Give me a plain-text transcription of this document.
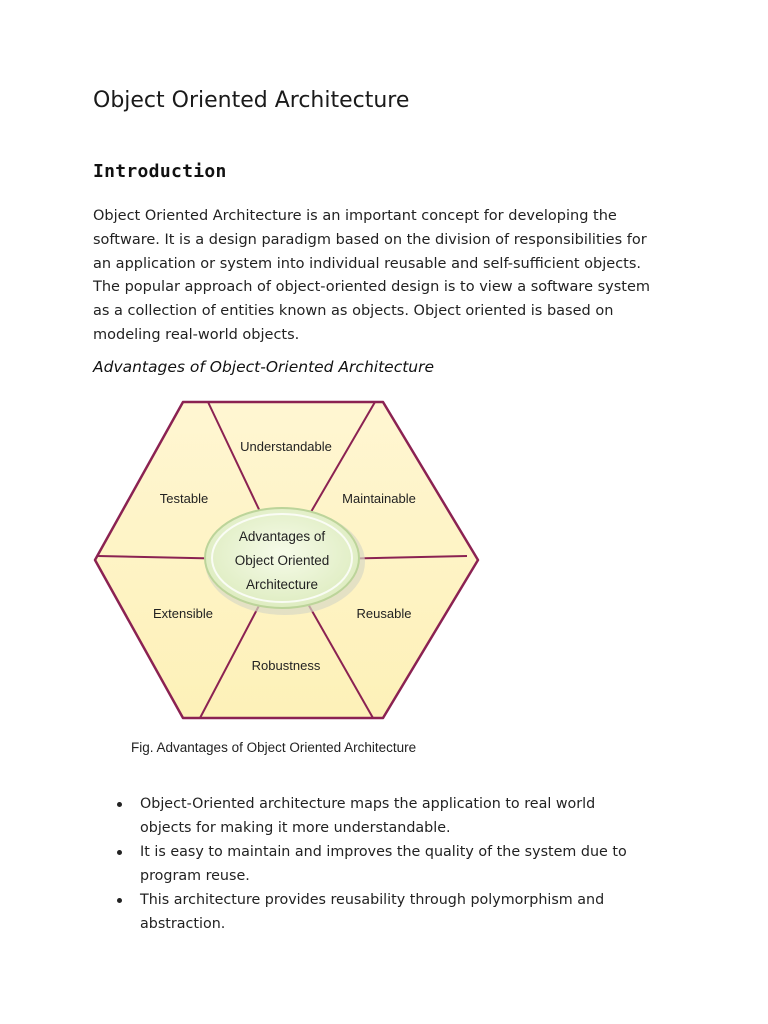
Object Oriented Architecture
Introduction

Object Oriented Architecture is an important concept for developing the software. It is a design paradigm based on the division of responsibilities for an application or system into individual reusable and self-sufficient objects. The popular approach of object-oriented design is to view a software system as a collection of entities known as objects. Object oriented is based on modeling real-world objects.

Advantages of Object-Oriented Architecture
Advantages of
Object Oriented
Architecture
Understandable
Maintainable
Reusable
Robustness
Extensible
Testable
Fig. Advantages of Object Oriented Architecture
Object-Oriented architecture maps the application to real world objects for making it more understandable.
It is easy to maintain and improves the quality of the system due to program reuse.
This architecture provides reusability through polymorphism and abstraction.
